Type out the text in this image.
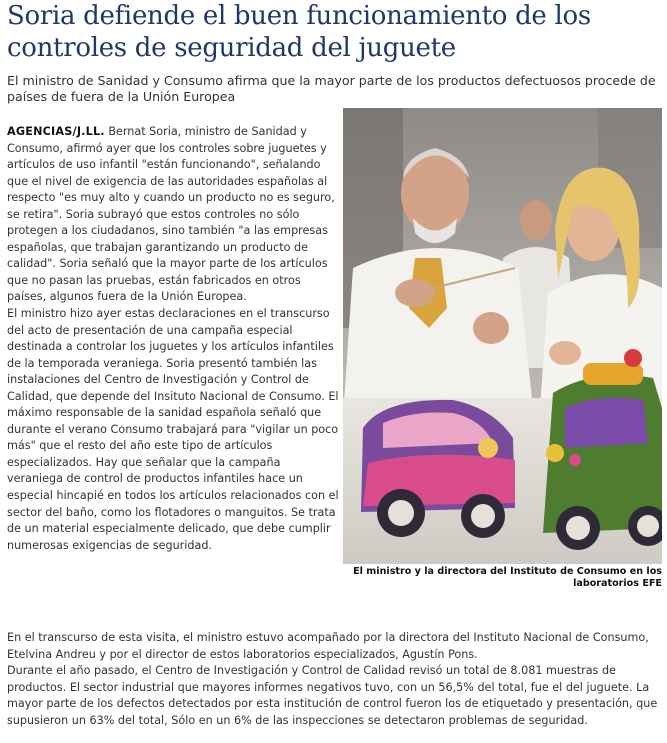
Soria defiende el buen funcionamiento de los controles de seguridad del juguete

El ministro de Sanidad y Consumo afirma que la mayor parte de los productos defectuosos procede de países de fuera de la Unión Europea

El ministro y la directora del Instituto de Consumo en los laboratorios EFE

AGENCIAS/J.LL. Bernat Soria, ministro de Sanidad y Consumo, afirmó ayer que los controles sobre juguetes y artículos de uso infantil "están funcionando", señalando que el nivel de exigencia de las autoridades españolas al respecto "es muy alto y cuando un producto no es seguro, se retira". Soria subrayó que estos controles no sólo protegen a los ciudadanos, sino también "a las empresas españolas, que trabajan garantizando un producto de calidad". Soria señaló que la mayor parte de los artículos que no pasan las pruebas, están fabricados en otros países, algunos fuera de la Unión Europea.

El ministro hizo ayer estas declaraciones en el transcurso del acto de presentación de una campaña especial destinada a controlar los juguetes y los artículos infantiles de la temporada veraniega. Soria presentó también las instalaciones del Centro de Investigación y Control de Calidad, que depende del Insituto Nacional de Consumo. El máximo responsable de la sanidad española señaló que durante el verano Consumo trabajará para "vigilar un poco más" que el resto del año este tipo de artículos especializados. Hay que señalar que la campaña veraniega de control de productos infantiles hace un especial hincapié en todos los artículos relacionados con el sector del baño, como los flotadores o manguitos. Se trata de un material especialmente delicado, que debe cumplir numerosas exigencias de seguridad.

En el transcurso de esta visita, el ministro estuvo acompañado por la directora del Instituto Nacional de Consumo, Etelvina Andreu y por el director de estos laboratorios especializados, Agustín Pons.

Durante el año pasado, el Centro de Investigación y Control de Calidad revisó un total de 8.081 muestras de productos. El sector industrial que mayores informes negativos tuvo, con un 56,5% del total, fue el del juguete. La mayor parte de los defectos detectados por esta institución de control fueron los de etiquetado y presentación, que supusieron un 63% del total, Sólo en un 6% de las inspecciones se detectaron problemas de seguridad.
